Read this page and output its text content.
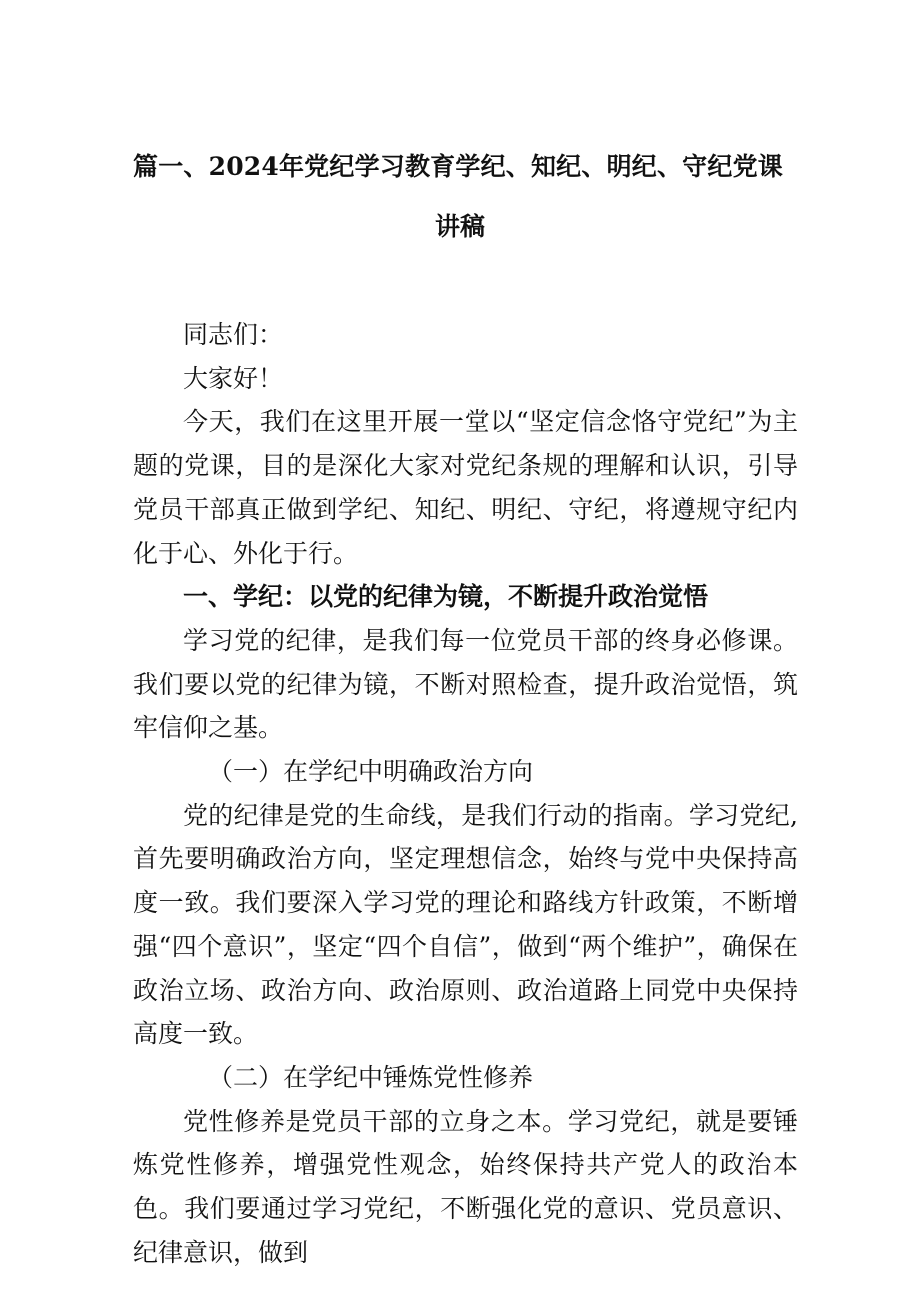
篇一、2024年党纪学习教育学纪、知纪、明纪、守纪党课
讲稿

同志们：

大家好！

今天，我们在这里开展一堂以“坚定信念恪守党纪”为主题的党课，目的是深化大家对党纪条规的理解和认识，引导党员干部真正做到学纪、知纪、明纪、守纪，将遵规守纪内化于心、外化于行。

一、学纪：以党的纪律为镜，不断提升政治觉悟

学习党的纪律，是我们每一位党员干部的终身必修课。我们要以党的纪律为镜，不断对照检查，提升政治觉悟，筑牢信仰之基。

（一）在学纪中明确政治方向

党的纪律是党的生命线，是我们行动的指南。学习党纪,首先要明确政治方向，坚定理想信念，始终与党中央保持高度一致。我们要深入学习党的理论和路线方针政策，不断增强“四个意识”，坚定“四个自信”，做到“两个维护”，确保在政治立场、政治方向、政治原则、政治道路上同党中央保持高度一致。

（二）在学纪中锤炼党性修养

党性修养是党员干部的立身之本。学习党纪，就是要锤炼党性修养，增强党性观念，始终保持共产党人的政治本色。我们要通过学习党纪，不断强化党的意识、党员意识、纪律意识，做到
